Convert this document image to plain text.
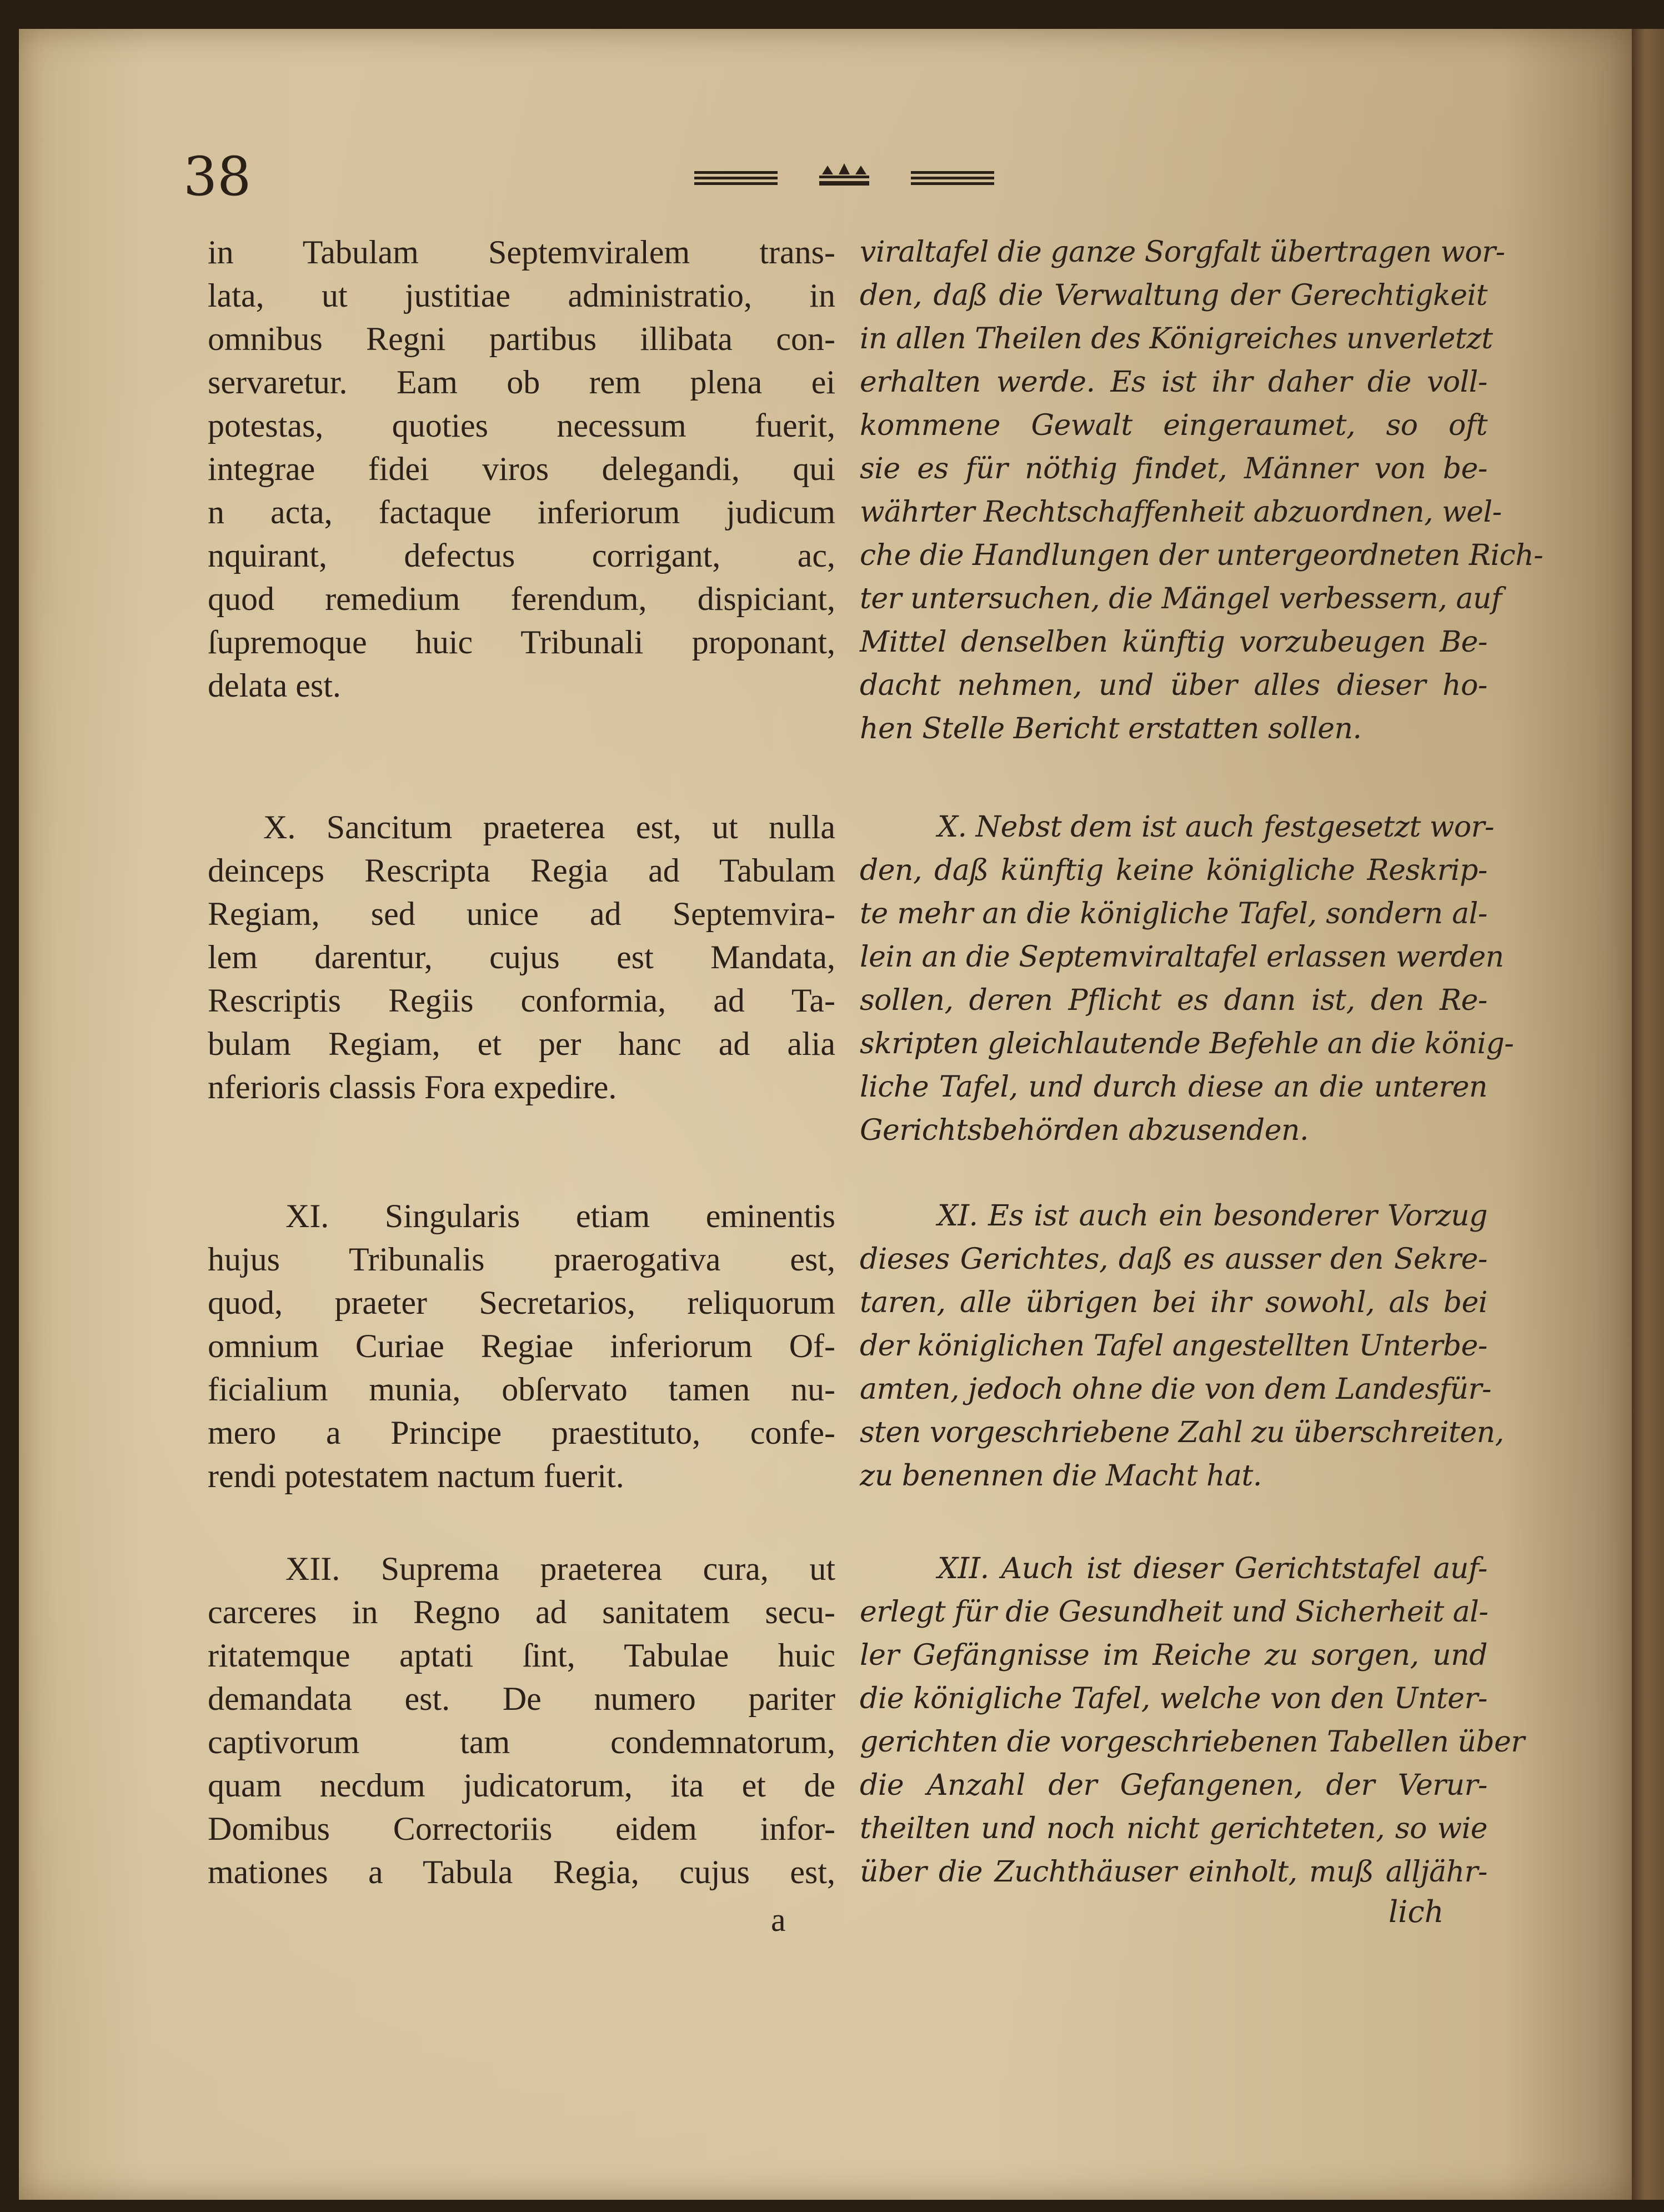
38
in Tabulam Septemviralem trans-
lata, ut justitiae administratio, in
omnibus Regni partibus illibata con-
servaretur. Eam ob rem plena ei
potestas, quoties necessum fuerit,
integrae fidei viros delegandi, qui
n acta, factaque inferiorum judicum
nquirant, defectus corrigant, ac,
quod remedium ferendum, dispiciant,
ſupremoque huic Tribunali proponant,
delata est.
X. Sancitum praeterea est, ut nulla
deinceps Rescripta Regia ad Tabulam
Regiam, sed unice ad Septemvira-
lem darentur, cujus est Mandata,
Rescriptis Regiis conformia, ad Ta-
bulam Regiam, et per hanc ad alia
nferioris classis Fora expedire.
XI. Singularis etiam eminentis
hujus Tribunalis praerogativa est,
quod, praeter Secretarios, reliquorum
omnium Curiae Regiae inferiorum Of-
ficialium munia, obſervato tamen nu-
mero a Principe praestituto, confe-
rendi potestatem nactum fuerit.
XII. Suprema praeterea cura, ut
carceres in Regno ad sanitatem secu-
ritatemque aptati ſint, Tabulae huic
demandata est. De numero pariter
captivorum tam condemnatorum,
quam necdum judicatorum, ita et de
Domibus Correctoriis eidem infor-
mationes a Tabula Regia, cujus est,
viraltafel die ganze Sorgfalt übertragen wor-
den, daß die Verwaltung der Gerechtigkeit
in allen Theilen des Königreiches unverletzt
erhalten werde. Es ist ihr daher die voll-
kommene Gewalt eingeraumet, so oft
sie es für nöthig findet, Männer von be-
währter Rechtschaffenheit abzuordnen, wel-
che die Handlungen der untergeordneten Rich-
ter untersuchen, die Mängel verbessern, auf
Mittel denselben künftig vorzubeugen Be-
dacht nehmen, und über alles dieser ho-
hen Stelle Bericht erstatten sollen.
X. Nebst dem ist auch festgesetzt wor-
den, daß künftig keine königliche Reskrip-
te mehr an die königliche Tafel, sondern al-
lein an die Septemviraltafel erlassen werden
sollen, deren Pflicht es dann ist, den Re-
skripten gleichlautende Befehle an die könig-
liche Tafel, und durch diese an die unteren
Gerichtsbehörden abzusenden.
XI. Es ist auch ein besonderer Vorzug
dieses Gerichtes, daß es ausser den Sekre-
taren, alle übrigen bei ihr sowohl, als bei
der königlichen Tafel angestellten Unterbe-
amten, jedoch ohne die von dem Landesfür-
sten vorgeschriebene Zahl zu überschreiten,
zu benennen die Macht hat.
XII. Auch ist dieser Gerichtstafel auf-
erlegt für die Gesundheit und Sicherheit al-
ler Gefängnisse im Reiche zu sorgen, und
die königliche Tafel, welche von den Unter-
gerichten die vorgeschriebenen Tabellen über
die Anzahl der Gefangenen, der Verur-
theilten und noch nicht gerichteten, so wie
über die Zuchthäuser einholt, muß alljähr-
a	lich
